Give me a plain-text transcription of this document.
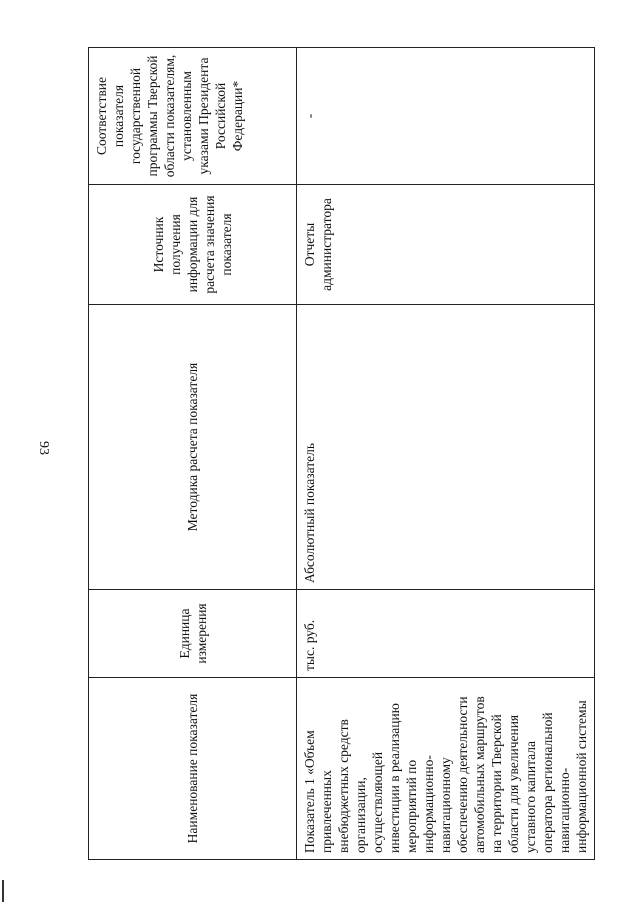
93
Наименование показателя	Единица измерения	Методика расчета показателя	Источник получения информации для расчета значения показателя	Соответствие показателя государственной программы Тверской области показателям, установленным указами Президента Российской Федерации*
Показатель 1 «Объем привлеченных внебюджетных средств организации, осуществляющей инвестиции в реализацию мероприятий по информационно-навигационному обеспечению деятельности автомобильных маршрутов на территории Тверской области для увеличения уставного капитала оператора региональной навигационно-информационной системы	тыс. руб.	Абсолютный показатель	Отчеты администратора	-
